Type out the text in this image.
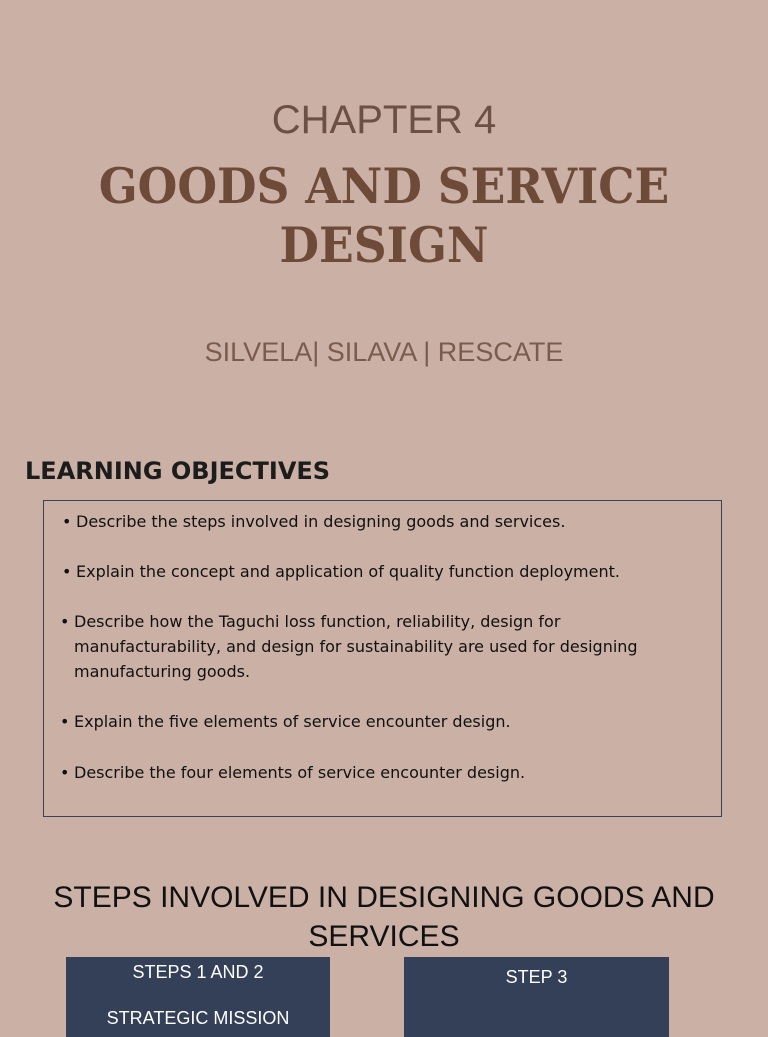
CHAPTER 4
GOODS AND SERVICE DESIGN
SILVELA| SILAVA | RESCATE
LEARNING OBJECTIVES
• Describe the steps involved in designing goods and services.
• Explain the concept and application of quality function deployment.
• Describe how the Taguchi loss function, reliability, design for manufacturability, and design for sustainability are used for designing manufacturing goods.
• Explain the five elements of service encounter design.
• Describe the four elements of service encounter design.
STEPS INVOLVED IN DESIGNING GOODS AND SERVICES
STEPS 1 AND 2
STRATEGIC MISSION
STEP 3
